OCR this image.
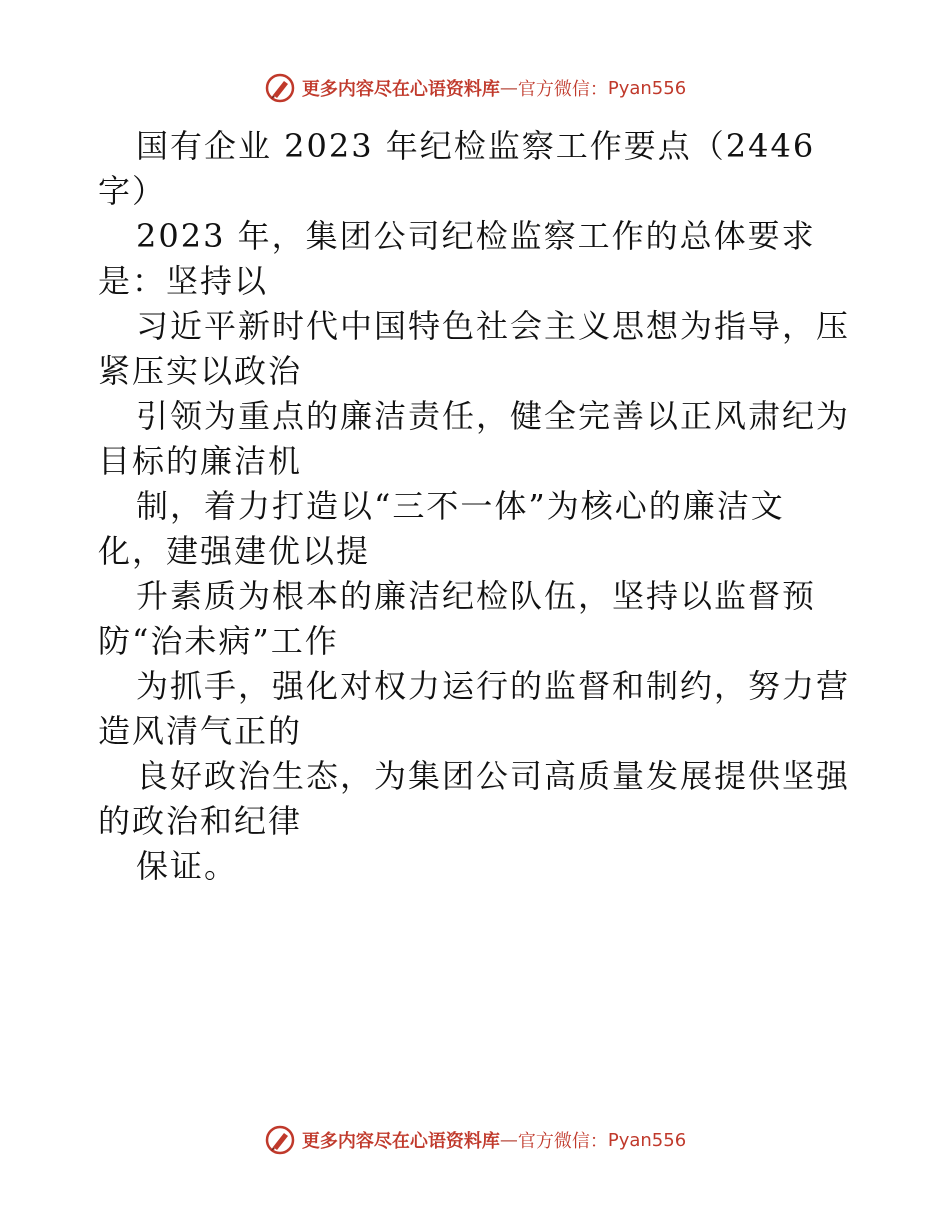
更多内容尽在心语资料库 — 官方微信： Pyan556
国有企业 2023 年纪检监察工作要点（2446
字）
2023 年，集团公司纪检监察工作的总体要求
是：坚持以
习近平新时代中国特色社会主义思想为指导，压
紧压实以政治
引领为重点的廉洁责任，健全完善以正风肃纪为
目标的廉洁机
制，着力打造以“三不一体”为核心的廉洁文
化，建强建优以提
升素质为根本的廉洁纪检队伍，坚持以监督预
防“治未病”工作
为抓手，强化对权力运行的监督和制约，努力营
造风清气正的
良好政治生态，为集团公司高质量发展提供坚强
的政治和纪律
保证。
更多内容尽在心语资料库 — 官方微信： Pyan556
